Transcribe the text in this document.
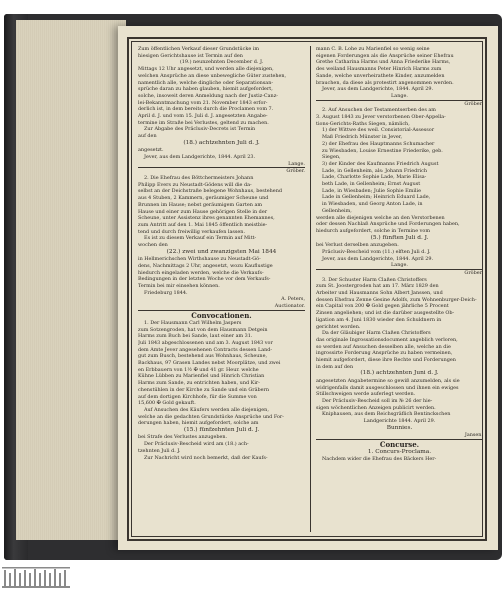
Zum öffentlichen Verkauf dieser Grundstücke im

hiesigen Gerichtshause ist Termin auf den

(19.) neunzehnten December d. J.

Mittags 12 Uhr angesetzt, und werden alle diejenigen,

welchen Ansprüche an diese unbewegliche Güter zustehen,

namentlich alle, welche dingliche oder Separationsan-

sprüche daran zu haben glauben, hiemit aufgefordert,

solche, insoweit deren Anmeldung nach der Justiz-Canz-

lei-Bekanntmachung vom 21. November 1843 erfor-

derlich ist, in dem bereits durch die Proclamen vom 7.

April d. J. und vom 15. Juli d. J. angesetzten Angabe-

termine im Straße bei Verlustes, geltend zu machen.

Zur Abgabe des Präclusiv-Decrets ist Termin

auf den

(18.) achtzehnten Juli d. J.

angesetzt.

Jever, aus dem Landgerichte, 1844. April 23.

Lange.

Gröber.

2. Die Ehefrau des Böttchermeisters Johann

Philipp Evers zu Neustadt-Gödens will die da-

selbst an der Deichstraße belegene Wohnhaus, bestehend

aus 4 Stuben, 2 Kammern, geräumiger Scheune und

Brunnen im Hause; nebst geräumigem Garten am

Hause und einer zum Hause gehörigen Stelle in der

Scheune, unter Assistenz ihres genannten Ehemannes,

zum Antritt auf den 1. Mai 1845 öffentlich meistbie-

tend und durch freiwillig verkaufen lassen.

Es ist zu diesem Verkauf ein Termin auf Mitt-

wochen den

(22.) zwei und zwanzigsten Mai 1844

in Hellmerichschen Wirthshause zu Neustadt-Gö-

dens, Nachmittags 2 Uhr, angesetzt, wozu Kauflustige

hiedurch eingeladen werden, welche die Verkaufs-

Bedingungen in der letzten Woche vor dem Verkaufs-

Termin bei mir einsehen können.

Friedeburg 1844.

A. Peters,

Auctionator.

Convocationen.

1. Der Hausmann Carl Wilhelm Jaspers

zum Sotzengroden, hat von dem Hausmann Detgein

Harms zum Buch bei Sande, laut einer am 31.

Juli 1843 abgeschlossenen und am 3. August 1843 vor

dem Amte Jever angesehenen Contracts dessen Land-

gut zum Busch, bestehend aus Wohnhaus, Scheune,

Backhaus, 97 Grasen Landes nebst Moorplätze, und zwei

en Erbbauern von 1½ ✠ und 41 gr. Heur. welche

Kühne Lübben zu Marienfiel und Hinrich Christian

Harms zum Sande, zu entrichten haben, und Kir-

chenstühlen in der Kirche zu Sande und ein Gräbern

auf dem dortigen Kirchhofe, für die Summe von

15,600 ✠ Gold gekauft.

Auf Ansuchen des Käufers werden alle diejenigen,

welche an die gedachten Grundstücke Ansprüche und For-

derungen haben, hiemit aufgefordert, solche am

(15.) fünfzehnten Juli d. J.

bei Strafe des Verlustes anzugeben.

Der Präclusiv-Bescheid wird am (18.) ach-

tzehnten Juli d. J.

Zur Nachricht wird noch bemerkt, daß der Kaufs-

mann C. B. Lohe zu Marienfiel so wenig seine

eigenen Forderungen als die Ansprüche seiner Ehefrau

Grethe Catharina Harms und Anna Friederike Harms,

des weiland Hausmanns Peter Hinrich Harms zum

Sande, welche unverheirathete Kinder, anzumelden

brauchen, da diese als protestirt angenommen werden.

Jever, aus dem Landgerichte, 1844. April 29.

Lange.

Gröber.

2. Auf Ansuchen der Testamentserben des am

3. August 1843 zu Jever verstorbenen Ober-Appella-

tions-Gerichts-Raths Siegen, nämlich,

1) der Wittwe des weil. Consistorial-Assessor

Maß Friedrich Münster in Jever,

2) der Ehefrau des Hauptmanns Schumacher

zu Wiesbaden, Louise Ernestine Friederike, geb.

Siegen,

3) der Kinder des Kaufmanns Friedrich August

Lade, in Gellenheim, als: Johann Friedrich

Lade, Charlotte Sophie Lade, Marie Elisa-

beth Lade, in Gellenheim; Ernst August

Lade, in Wiesbaden; Julie Sophie Emilie

Lade in Gellenheim; Heinrich Eduard Lade,

in Wiesbaden, und Georg Anton Lade, in

Gellenheim,

werden alle diejenigen welche an den Verstorbenen

oder dessen Nachlaß Ansprüche und Forderungen haben,

hiedurch aufgefordert, solche in Termine vom

(5.) fünften Juli d. J.

bei Verlust derselben anzugeben.

Präclusiv-Bescheid vom (11.) elften Juli d. J.

Jever, aus dem Landgerichte, 1844. April 29.

Lange.

Gröber.

3. Der Schuster Harm Claßen Christoffers

zum St. Joostergroden hat am 17. März 1829 den

Arbeiter und Hausmanns Sohn Albert Janssen, und

dessen Ehefrau Zenne Gesine Adolfs, zum Wohnenburger-Deich-

ein Capital von 200 ✠ Gold gegen jährliche 5 Procent

Zinsen angeliehen; und ist die darüber ausgestellte Ob-

ligation am 4. Juni 1830 wieder den Schuldnern in

gerichtet worden.

Da der Gläubiger Harm Claßen Christoffers

das originale Ingrossationsdocument angeblich verloren,

so werden auf Ansuchen desselben alle, welche an die

ingrossirte Forderung Ansprüche zu haben vermeinen,

hiemit aufgefordert, diese ihre Rechte und Forderungen

in dem auf den

(18.) achtzehnten Juni d. J.

angesetzten Angabetermine so gewiß anzumelden, als sie

widrigenfalls damit ausgeschlossen und ihnen ein ewiges

Stillschweigen werde auferlegt werden.

Der Präclusiv-Bescheid soll im № 26 der hie-

sigen wöchentlichen Anzeigen publicirt werden.

Kniphausen, aus dem Reichsgräflich Bentinckschen

Landgerichte 1844. April 29.

Bunnies.

Jansen.

Concurse.

1. Concurs-Proclama.

Nachdem wider die Ehefrau des Bäckers Her-
